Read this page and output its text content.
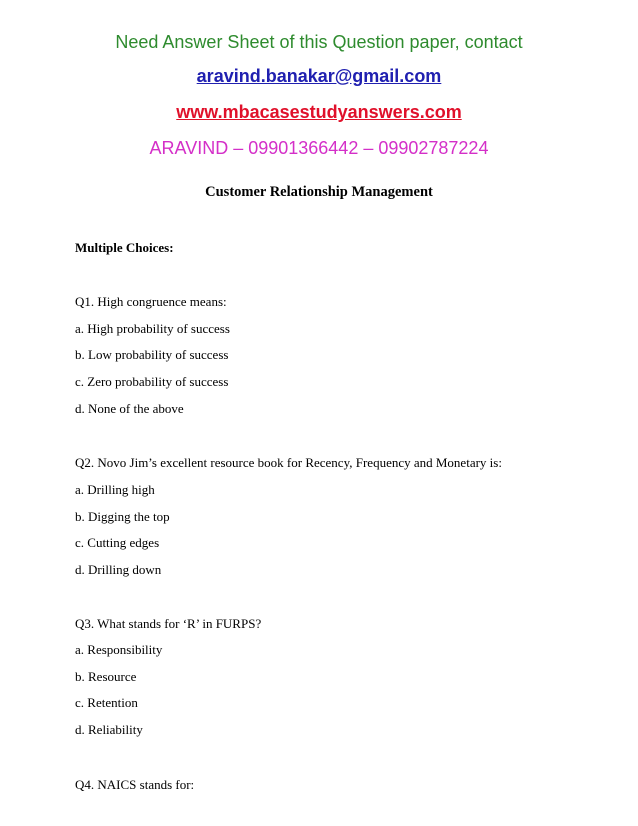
Need Answer Sheet of this Question paper, contact
aravind.banakar@gmail.com
www.mbacasestudyanswers.com
ARAVIND – 09901366442 – 09902787224
Customer Relationship Management
Multiple Choices:
Q1. High congruence means:
a. High probability of success
b. Low probability of success
c. Zero probability of success
d. None of the above
Q2. Novo Jim’s excellent resource book for Recency, Frequency and Monetary is:
a. Drilling high
b. Digging the top
c. Cutting edges
d. Drilling down
Q3. What stands for ‘R’ in FURPS?
a. Responsibility
b. Resource
c. Retention
d. Reliability
Q4. NAICS stands for:
